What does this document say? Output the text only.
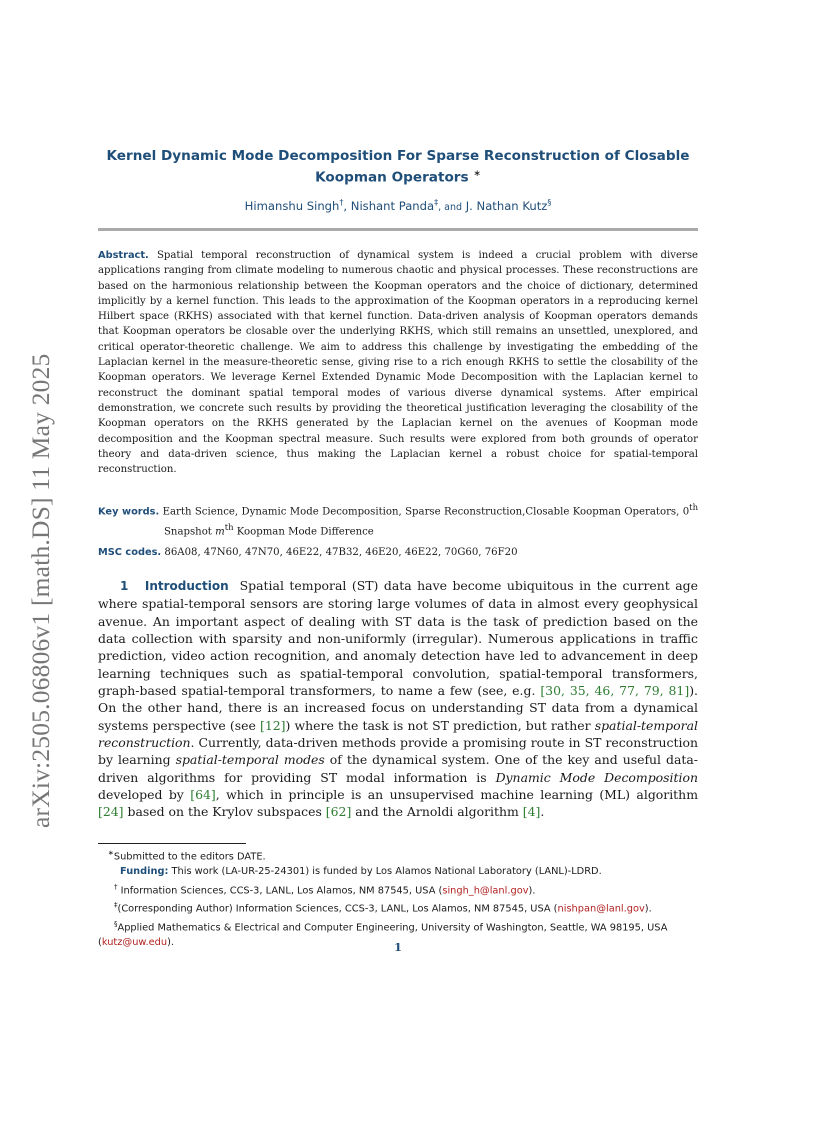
arXiv:2505.06806v1 [math.DS] 11 May 2025
Kernel Dynamic Mode Decomposition For Sparse Reconstruction of Closable
Koopman Operators ∗
Himanshu Singh†, Nishant Panda‡, and J. Nathan Kutz§

Abstract. Spatial temporal reconstruction of dynamical system is indeed a crucial problem with diverse applications ranging from climate modeling to numerous chaotic and physical processes. These reconstructions are based on the harmonious relationship between the Koopman operators and the choice of dictionary, determined implicitly by a kernel function. This leads to the approximation of the Koopman operators in a reproducing kernel Hilbert space (RKHS) associated with that kernel function. Data-driven analysis of Koopman operators demands that Koopman operators be closable over the underlying RKHS, which still remains an unsettled, unexplored, and critical operator-theoretic challenge. We aim to address this challenge by investigating the embedding of the Laplacian kernel in the measure-theoretic sense, giving rise to a rich enough RKHS to settle the closability of the Koopman operators. We leverage Kernel Extended Dynamic Mode Decomposition with the Laplacian kernel to reconstruct the dominant spatial temporal modes of various diverse dynamical systems. After empirical demonstration, we concrete such results by providing the theoretical justification leveraging the closability of the Koopman operators on the RKHS generated by the Laplacian kernel on the avenues of Koopman mode decomposition and the Koopman spectral measure. Such results were explored from both grounds of operator theory and data-driven science, thus making the Laplacian kernel a robust choice for spatial-temporal reconstruction.

Key words. Earth Science, Dynamic Mode Decomposition, Sparse Reconstruction,Closable Koopman Operators, 0th Snapshot $m^{th}$ Koopman Mode Difference

MSC codes. 86A08, 47N60, 47N70, 46E22, 47B32, 46E20, 46E22, 70G60, 76F20

1 Introduction Spatial temporal (ST) data have become ubiquitous in the current age where spatial-temporal sensors are storing large volumes of data in almost every geophysical avenue. An important aspect of dealing with ST data is the task of prediction based on the data collection with sparsity and non-uniformly (irregular). Numerous applications in traffic prediction, video action recognition, and anomaly detection have led to advancement in deep learning techniques such as spatial-temporal convolution, spatial-temporal transformers, graph-based spatial-temporal transformers, to name a few (see, e.g. [30, 35, 46, 77, 79, 81]). On the other hand, there is an increased focus on understanding ST data from a dynamical systems perspective (see [12]) where the task is not ST prediction, but rather spatial-temporal reconstruction. Currently, data-driven methods provide a promising route in ST reconstruction by learning spatial-temporal modes of the dynamical system. One of the key and useful data-driven algorithms for providing ST modal information is Dynamic Mode Decomposition developed by [64], which in principle is an unsupervised machine learning (ML) algorithm [24] based on the Krylov subspaces [62] and the Arnoldi algorithm [4].

∗Submitted to the editors DATE.

Funding: This work (LA-UR-25-24301) is funded by Los Alamos National Laboratory (LANL)-LDRD.

† Information Sciences, CCS-3, LANL, Los Alamos, NM 87545, USA (singh_h@lanl.gov).

‡(Corresponding Author) Information Sciences, CCS-3, LANL, Los Alamos, NM 87545, USA (nishpan@lanl.gov).

§Applied Mathematics & Electrical and Computer Engineering, University of Washington, Seattle, WA 98195, USA (kutz@uw.edu).	1
